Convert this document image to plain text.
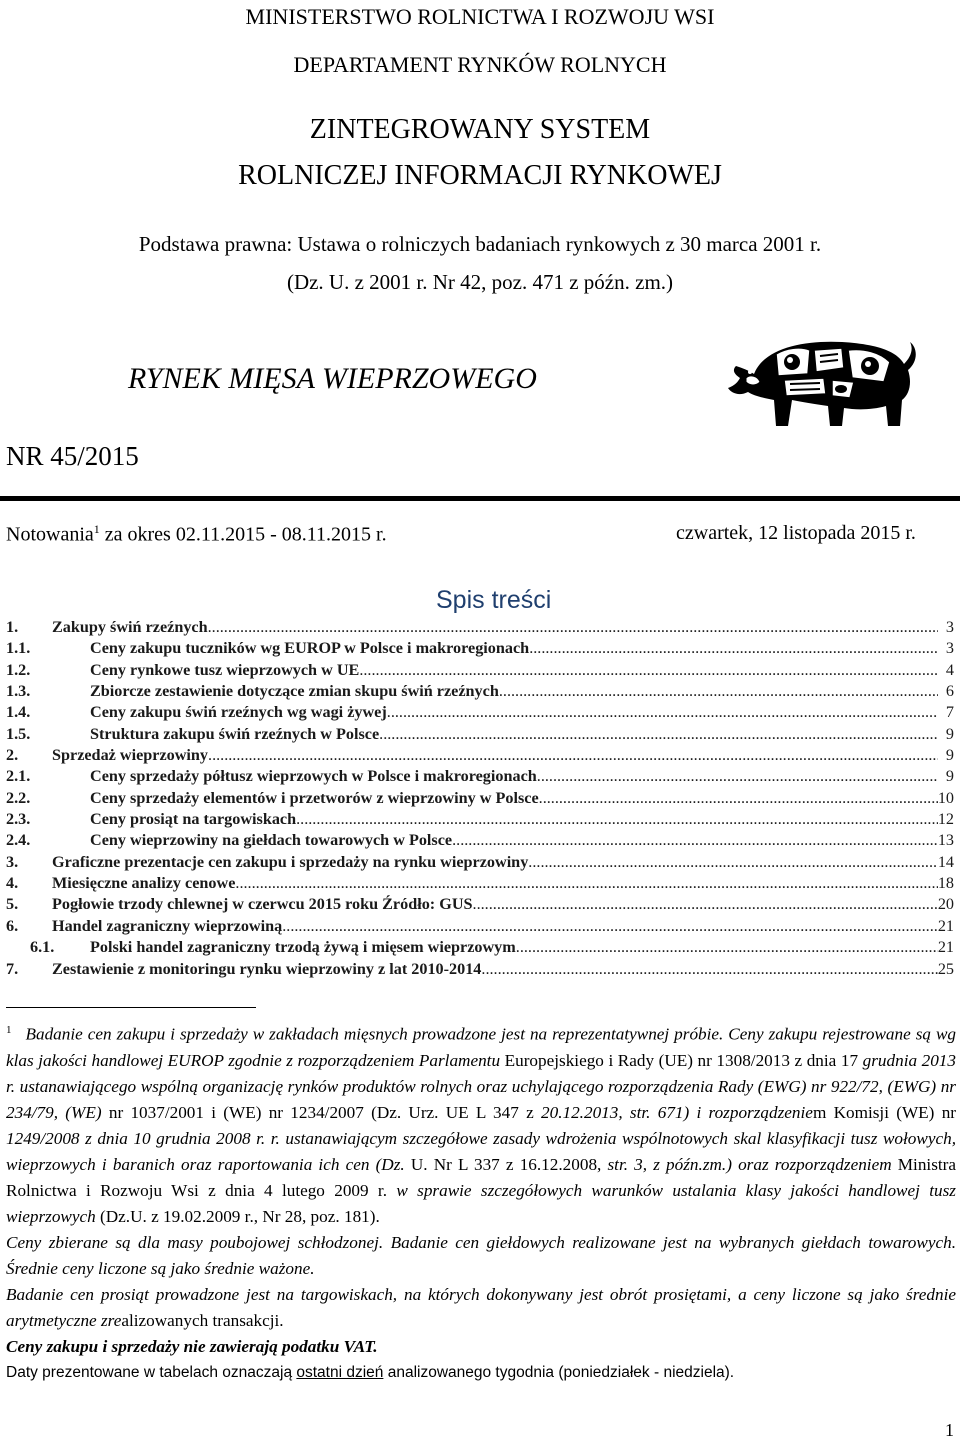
MINISTERSTWO ROLNICTWA I ROZWOJU WSI
DEPARTAMENT RYNKÓW ROLNYCH
ZINTEGROWANY SYSTEM
ROLNICZEJ INFORMACJI RYNKOWEJ
Podstawa prawna: Ustawa o rolniczych badaniach rynkowych z 30 marca 2001 r.
(Dz. U. z 2001 r. Nr 42, poz. 471 z późn. zm.)
RYNEK MIĘSA WIEPRZOWEGO
NR 45/2015
Notowania$^1$ za okres 02.11.2015 - 08.11.2015 r.	czwartek, 12 listopada 2015 r.
Spis treści
1.	Zakupy świń rzeźnych .....	3
1.1.	Ceny zakupu tuczników wg EUROP w Polsce i makroregionach .....	3
1.2.	Ceny rynkowe tusz wieprzowych w UE .....	4
1.3.	Zbiorcze zestawienie dotyczące zmian skupu świń rzeźnych .....	6
1.4.	Ceny zakupu świń rzeźnych wg wagi żywej .....	7
1.5.	Struktura zakupu świń rzeźnych w Polsce .....	9
2.	Sprzedaż wieprzowiny .....	9
2.1.	Ceny sprzedaży półtusz wieprzowych w Polsce i makroregionach .....	9
2.2.	Ceny sprzedaży elementów i przetworów z wieprzowiny w Polsce .....	10
2.3.	Ceny prosiąt na targowiskach .....	12
2.4.	Ceny wieprzowiny na giełdach towarowych w Polsce .....	13
3.	Graficzne prezentacje cen zakupu i sprzedaży na rynku wieprzowiny .....	14
4.	Miesięczne analizy cenowe .....	18
5.	Pogłowie trzody chlewnej w czerwcu 2015 roku Źródło: GUS .....	20
6.	Handel zagraniczny wieprzowiną .....	21
6.1.	Polski handel zagraniczny trzodą żywą i mięsem wieprzowym .....	21
7.	Zestawienie z monitoringu rynku wieprzowiny z lat 2010-2014 .....	25

$^1$ Badanie cen zakupu i sprzedaży w zakładach mięsnych prowadzone jest na reprezentatywnej próbie. Ceny zakupu rejestrowane są wg klas jakości handlowej EUROP zgodnie z rozporządzeniem Parlamentu Europejskiego i Rady (UE) nr 1308/2013 z dnia 17 grudnia 2013 r. ustanawiającego wspólną organizację rynków produktów rolnych oraz uchylającego rozporządzenia Rady (EWG) nr 922/72, (EWG) nr 234/79, (WE) nr 1037/2001 i (WE) nr 1234/2007 (Dz. Urz. UE L 347 z 20.12.2013, str. 671) i rozporządzeniem Komisji (WE) nr 1249/2008 z dnia 10 grudnia 2008 r. r. ustanawiającym szczegółowe zasady wdrożenia wspólnotowych skal klasyfikacji tusz wołowych, wieprzowych i baranich oraz raportowania ich cen (Dz. U. Nr L 337 z 16.12.2008, str. 3, z późn.zm.) oraz rozporządzeniem Ministra Rolnictwa i Rozwoju Wsi z dnia 4 lutego 2009 r. w sprawie szczegółowych warunków ustalania klasy jakości handlowej tusz wieprzowych (Dz.U. z 19.02.2009 r., Nr 28, poz. 181).

Ceny zbierane są dla masy poubojowej schłodzonej. Badanie cen giełdowych realizowane jest na wybranych giełdach towarowych. Średnie ceny liczone są jako średnie ważone.

Badanie cen prosiąt prowadzone jest na targowiskach, na których dokonywany jest obrót prosiętami, a ceny liczone są jako średnie arytmetyczne zrealizowanych transakcji.

Ceny zakupu i sprzedaży nie zawierają podatku VAT.

Daty prezentowane w tabelach oznaczają ostatni dzień analizowanego tygodnia (poniedziałek - niedziela).

1
